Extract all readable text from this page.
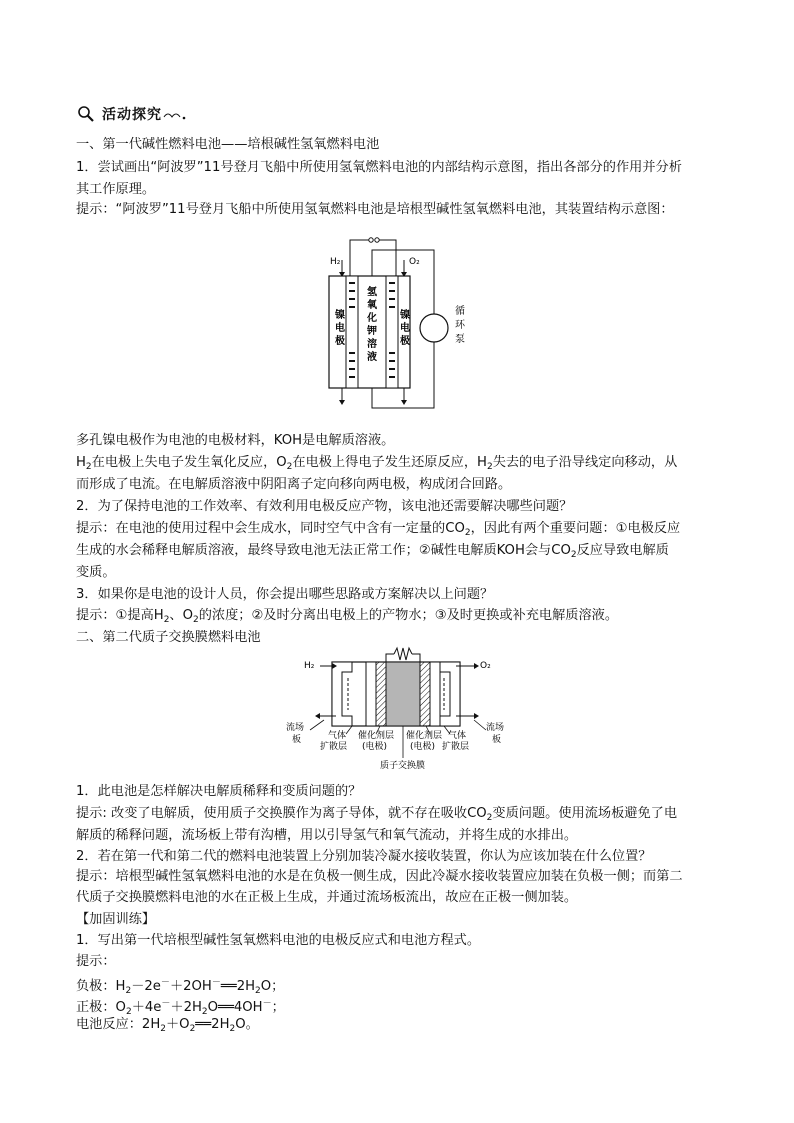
活动探究
一、第一代碱性燃料电池——培根碱性氢氧燃料电池
1．尝试画出“阿波罗”11号登月飞船中所使用氢氧燃料电池的内部结构示意图，指出各部分的作用并分析
其工作原理。
提示：“阿波罗”11号登月飞船中所使用氢氧燃料电池是培根型碱性氢氧燃料电池，其装置结构示意图：
H₂	O₂
镍
电
极
氢
氧
化
钾
溶
液
镍
电
极
循
环
泵
多孔镍电极作为电池的电极材料，KOH是电解质溶液。
$H_2$在电极上失电子发生氧化反应，$O_2$在电极上得电子发生还原反应，$H_2$失去的电子沿导线定向移动，从
而形成了电流。在电解质溶液中阴阳离子定向移向两电极，构成闭合回路。
2．为了保持电池的工作效率、有效利用电极反应产物，该电池还需要解决哪些问题？
提示：在电池的使用过程中会生成水，同时空气中含有一定量的$CO_2$，因此有两个重要问题：①电极反应
生成的水会稀释电解质溶液，最终导致电池无法正常工作；②碱性电解质KOH会与$CO_2$反应导致电解质
变质。
3．如果你是电池的设计人员，你会提出哪些思路或方案解决以上问题？
提示：①提高$H_2$、$O_2$的浓度；②及时分离出电极上的产物水；③及时更换或补充电解质溶液。
二、第二代质子交换膜燃料电池
H₂	O₂
流场
板
流场
板
气体
扩散层
气体
扩散层
催化剂层
(电极)
催化剂层
(电极)
质子交换膜
1．此电池是怎样解决电解质稀释和变质问题的？
提示: 改变了电解质，使用质子交换膜作为离子导体，就不存在吸收$CO_2$变质问题。使用流场板避免了电
解质的稀释问题，流场板上带有沟槽，用以引导氢气和氧气流动，并将生成的水排出。
2．若在第一代和第二代的燃料电池装置上分别加装冷凝水接收装置，你认为应该加装在什么位置？
提示：培根型碱性氢氧燃料电池的水是在负极一侧生成，因此冷凝水接收装置应加装在负极一侧；而第二
代质子交换膜燃料电池的水在正极上生成，并通过流场板流出，故应在正极一侧加装。
【加固训练】
1．写出第一代培根型碱性氢氧燃料电池的电极反应式和电池方程式。
提示：
负极：$H_2-2e^-+2OH^-══2H_2O$；
正极：$O_2+4e^-+2H_2O══4OH^-$；
电池反应：$2H_2+O_2══2H_2O$。
